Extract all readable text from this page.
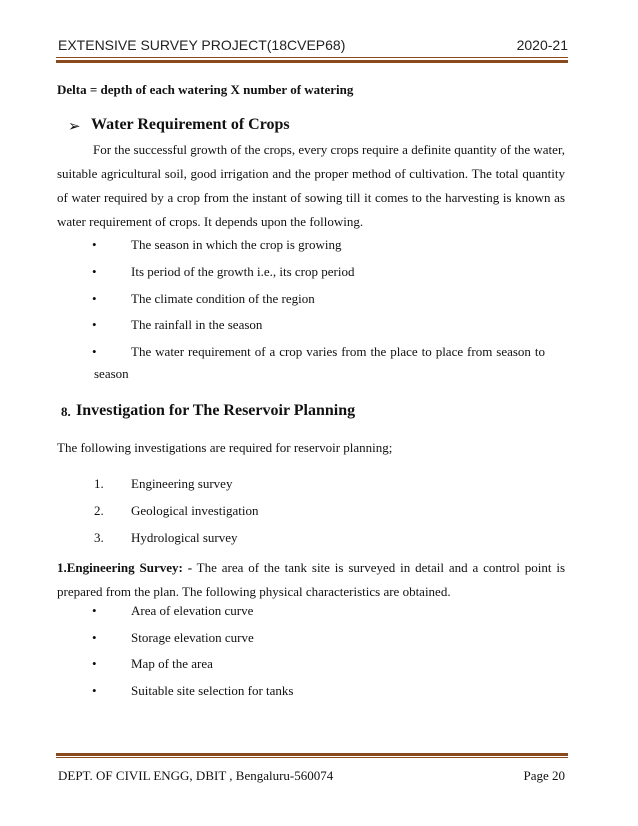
EXTENSIVE SURVEY PROJECT(18CVEP68)	2020-21
Delta = depth of each watering X number of watering
➢ Water Requirement of Crops
For the successful growth of the crops, every crops require a definite quantity of the water, suitable agricultural soil, good irrigation and the proper method of cultivation. The total quantity of water required by a crop from the instant of sowing till it comes to the harvesting is known as water requirement of crops. It depends upon the following.
•	The season in which the crop is growing
•	Its period of the growth i.e., its crop period
•	The climate condition of the region
•	The rainfall in the season
•	The water requirement of a crop varies from the place to place from season to
season
8. Investigation for The Reservoir Planning
The following investigations are required for reservoir planning;
1. Engineering survey
2. Geological investigation
3. Hydrological survey
1.Engineering Survey: - The area of the tank site is surveyed in detail and a control point is prepared from the plan. The following physical characteristics are obtained.
•	Area of elevation curve
•	Storage elevation curve
•	Map of the area
•	Suitable site selection for tanks
DEPT. OF CIVIL ENGG, DBIT , Bengaluru-560074	Page 20
